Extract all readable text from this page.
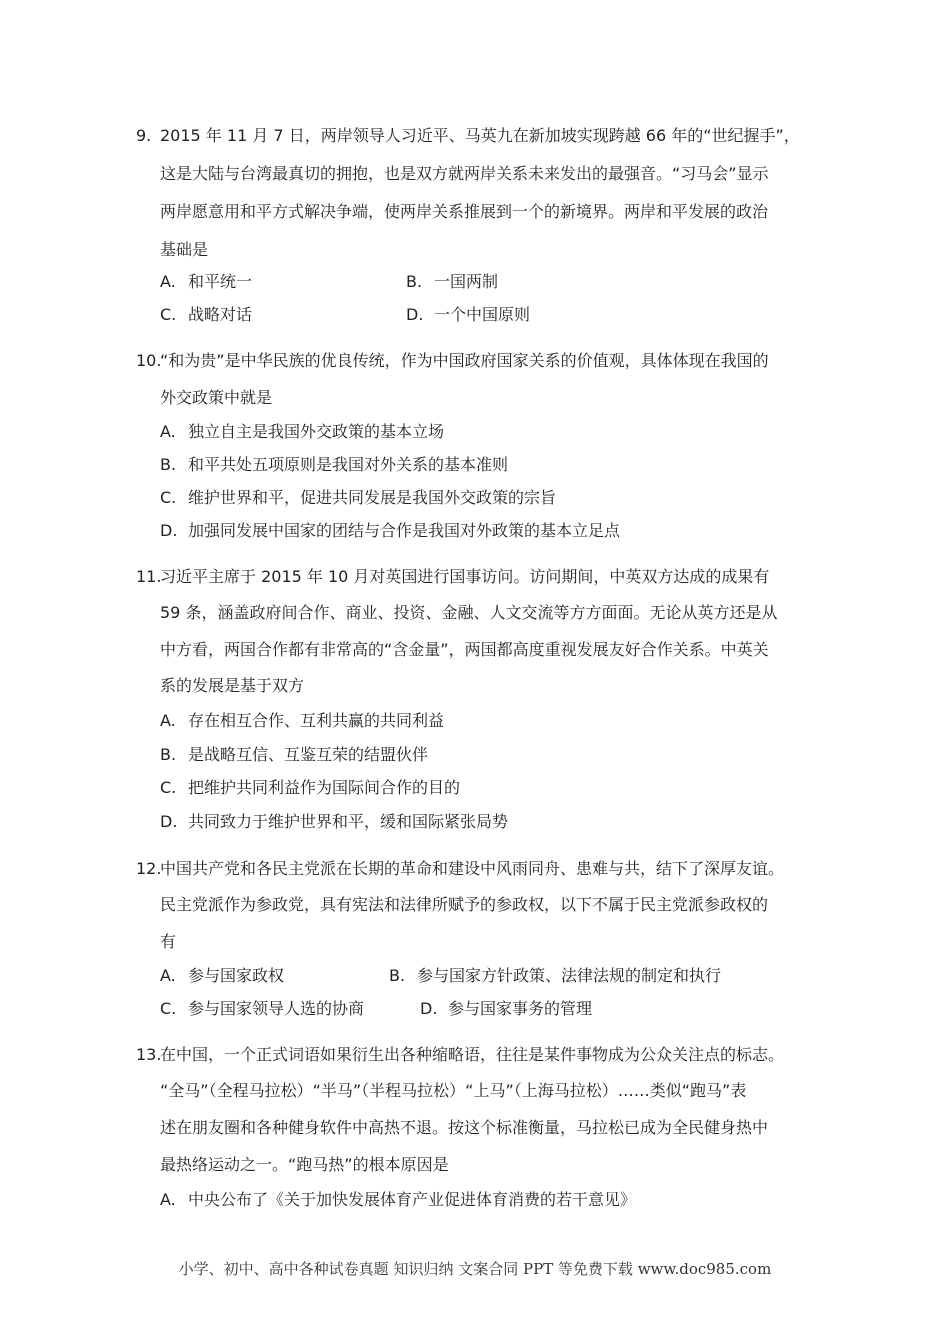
9. 2015 年 11 月 7 日，两岸领导人习近平、马英九在新加坡实现跨越 66 年的“世纪握手”，
这是大陆与台湾最真切的拥抱，也是双方就两岸关系未来发出的最强音。“习马会”显示
两岸愿意用和平方式解决争端，使两岸关系推展到一个的新境界。两岸和平发展的政治
基础是
A. 和平统一	B. 一国两制
C. 战略对话	D. 一个中国原则
10.“和为贵”是中华民族的优良传统，作为中国政府国家关系的价值观，具体体现在我国的
外交政策中就是
A. 独立自主是我国外交政策的基本立场
B. 和平共处五项原则是我国对外关系的基本准则
C. 维护世界和平，促进共同发展是我国外交政策的宗旨
D. 加强同发展中国家的团结与合作是我国对外政策的基本立足点
11.习近平主席于 2015 年 10 月对英国进行国事访问。访问期间，中英双方达成的成果有
59 条，涵盖政府间合作、商业、投资、金融、人文交流等方方面面。无论从英方还是从
中方看，两国合作都有非常高的“含金量”，两国都高度重视发展友好合作关系。中英关
系的发展是基于双方
A. 存在相互合作、互利共赢的共同利益
B. 是战略互信、互鉴互荣的结盟伙伴
C. 把维护共同利益作为国际间合作的目的
D. 共同致力于维护世界和平，缓和国际紧张局势
12.中国共产党和各民主党派在长期的革命和建设中风雨同舟、患难与共，结下了深厚友谊。
民主党派作为参政党，具有宪法和法律所赋予的参政权，以下不属于民主党派参政权的
有
A. 参与国家政权	B. 参与国家方针政策、法律法规的制定和执行
C. 参与国家领导人选的协商	D. 参与国家事务的管理
13.在中国，一个正式词语如果衍生出各种缩略语，往往是某件事物成为公众关注点的标志。
“全马”（全程马拉松）“半马”（半程马拉松）“上马”（上海马拉松）……类似“跑马”表
述在朋友圈和各种健身软件中高热不退。按这个标准衡量，马拉松已成为全民健身热中
最热络运动之一。“跑马热”的根本原因是
A. 中央公布了《关于加快发展体育产业促进体育消费的若干意见》
小学、初中、高中各种试卷真题 知识归纳 文案合同 PPT 等免费下载 www.doc985.com
